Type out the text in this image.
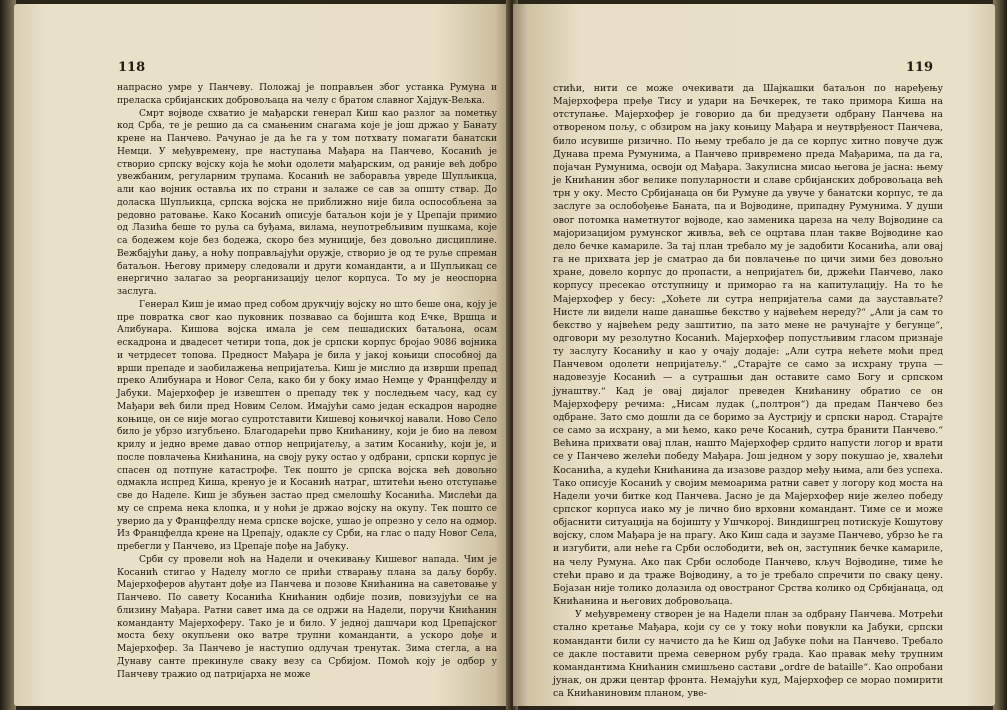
118

напрасно умре у Панчеву. Положај је поправљен због устанка Румуна и преласка србијанских добровољаца на челу с братом славног Хајдук-Вељка.

Смрт војводе схватио је мађарски генерал Киш као разлог за пометњу код Срба, те је решио да са смањеним снагама које је још држао у Банату крене на Панчево. Рачунао је да ће га у том потхвату помагати банатски Немци. У међувремену, пре наступања Мађара на Панчево, Косанић је створио српску војску која ће моћи одолети мађарским, од раније већ добро увежбаним, регуларним трупама. Косанић не заборавља увреде Шупљикца, али као војник оставља их по страни и залаже се сав за општу ствар. До доласка Шупљикца, српска војска не приближно није била оспособљена за редовно ратовање. Како Косанић описује батаљон који је у Црепаји примио од Лазића беше то руља са буђама, вилама, неупотребљивим пушкама, које са бодежем које без бодежа, скоро без муниције, без довољно дисциплине. Вежбајући дању, а ноћу поправљајући оружје, створио је од те руље спреман батаљон. Његову примеру следовали и други команданти, а и Шупљикац се енергично залагао за реорганизацију целог корпуса. То му је неоспорна заслуга.

Генерал Киш је имао пред собом друкчију војску но што беше она, коју је пре повратка свог као пуковник позвавао са бојишта код Ечке, Вршца и Алибунара. Кишова војска имала је сем пешадиских батаљона, осам ескадрона и двадесет четири топа, док је српски корпус бројао 9086 војника и четрдесет топова. Предност Мађара је била у јакој коњици способној да врши препаде и заобилажења непријатеља. Киш је мислио да изврши препад преко Алибунара и Новог Села, како би у боку имао Немце у Францфелду и Јабуки. Мајерхофер је извештен о препаду тек у последњем часу, кад су Мађари већ били пред Новим Селом. Имајући само један ескадрон народне коњице, он се није могао супротставити Кишевој коњичкој навали. Ново Село било је убрзо изгубљено. Благодарећи прво Книћанину, који је био на левом крилу и једно време давао отпор непријатељу, а затим Косанићу, који је, и после повлачења Книћанина, на своју руку остао у одбрани, српски корпус је спасен од потпуне катастрофе. Тек пошто је српска војска већ довољно одмакла испред Киша, кренуо је и Косанић натраг, штитећи њено отступање све до Наделе. Киш је збуњен застао пред смелошћу Косанића. Мислећи да му се спрема нека клопка, и у ноћи је држао војску на окупу. Тек пошто се уверио да у Францфелду нема српске војске, ушао је опрезно у село на одмор. Из Францфелда крене на Црепају, одакле су Срби, на глас о паду Новог Села, пребегли у Панчево, из Црепаје пође на Јабуку.

Срби су провели ноћ на Надели и очекивању Кишевог напада. Чим је Косанић стигао у Наделу могло се прићи стварању плана за даљу борбу. Мајерхоферов ађутант дође из Панчева и позове Книћанина на саветовање у Панчево. По савету Косанића Книћанин одбије позив, повизујући се на близину Мађара. Ратни савет има да се одржи на Надели, поручи Книћанин команданту Мајерхоферу. Тако је и било. У једној дашчари код Црепајског моста беху окупљени око ватре трупни команданти, а ускоро дође и Мајерхофер. За Панчево је наступио одлучан тренутак. Зима стегла, а на Дунаву санте прекинуле сваку везу са Србијом. Помоћ коју је одбор у Панчеву тражио од патријарха не може

119

стићи, нити се може очекивати да Шајкашки батаљон по наређењу Мајерхофера пређе Тису и удари на Бечкерек, те тако примора Киша на отступање. Мајерхофер је говорио да би предузети одбрану Панчева на отвореном пољу, с обзиром на јаку коњицу Мађара и неутврђеност Панчева, било исувише ризично. По њему требало је да се корпус хитно повуче дуж Дунава према Румунима, а Панчево привремено преда Мађарима, па да га, појачан Румунима, освоји од Мађара. Закулисна мисао његова је јасна: њему је Книћанин због велике популарности и славе србијанских добровољаца већ трн у оку. Место Србијанаца он би Румуне да увуче у банатски корпус, те да заслуге за ослобођење Баната, па и Војводине, припадну Румунима. У души овог потомка наметнутог војводе, као заменика цареза на челу Војводине са мајоризацијом румунског живља, већ се оцртава план такве Војводине као дело бечке камариле. За тај план требало му је задобити Косанића, али овај га не прихвата јер је сматрао да би повлачење по цичи зими без довољно хране, довело корпус до пропасти, а непријатељ би, држећи Панчево, лако корпусу пресекао отступницу и приморао га на капитулацију. На то ће Мајерхофер у бесу: „Хоћете ли сутра непријатеља сами да заустављате? Нисте ли видели наше данашње бекство у највећем нереду?“ „Али ја сам то бекство у највећем реду заштитио, па зато мене не рачунајте у бегунце“, одговори му резолутно Косанић. Мајерхофер попустљивим гласом признаје ту заслугу Косанићу и као у очају додаје: „Али сутра нећете моћи пред Панчевом одолети непријатељу.“ „Старајте се само за исхрану трупа — надовезује Косанић — а сутрашњи дан оставите само Богу и српском јунаштву.“ Кад је овај дијалог преведен Книћанину обратио се он Мајерхоферу речима: „Нисам лудак („полтрон“) да предам Панчево без одбране. Зато смо дошли да се боримо за Аустрију и српски народ. Старајте се само за исхрану, а ми ћемо, како рече Косанић, сутра бранити Панчево.“ Већина прихвати овај план, нашто Мајерхофер срдито напусти логор и врати се у Панчево желећи победу Мађара. Још једном у зору покушао је, хвалећи Косанића, а кудећи Книћанина да изазове раздор међу њима, али без успеха. Тако описује Косанић у својим мемоарима ратни савет у логору код моста на Надели уочи битке код Панчева. Јасно је да Мајерхофер није желео победу српског корпуса иако му је лично био врховни командант. Тиме се и може објаснити ситуација на бојишту у Ушчкорој. Виндишгрец потискује Кошутову војску, слом Мађара је на прагу. Ако Киш сада и заузме Панчево, убрзо ће га и изгубити, али неће га Срби ослободити, већ он, заступник бечке камариле, на челу Румуна. Ако пак Срби ослободе Панчево, кључ Војводине, тиме ће стећи право и да траже Војводину, а то је требало спречити по сваку цену. Бојазан није толико долазила од овостраног Срства колико од Србијанаца, од Книћанина и његових добровољаца.

У међувремену створен је на Надели план за одбрану Панчева. Мотрећи стално кретање Мађара, који су се у току ноћи повукли ка Јабуки, српски команданти били су начисто да ће Киш од Јабуке поћи на Панчево. Требало се дакле поставити према северном рубу града. Као правак мећу трупним командантима Книћанин смишљено састави „ordre de bataille“. Као опробани јунак, он држи центар фронта. Немајући куд, Мајерхофер се морао помирити са Книћаниновим планом, уве-
